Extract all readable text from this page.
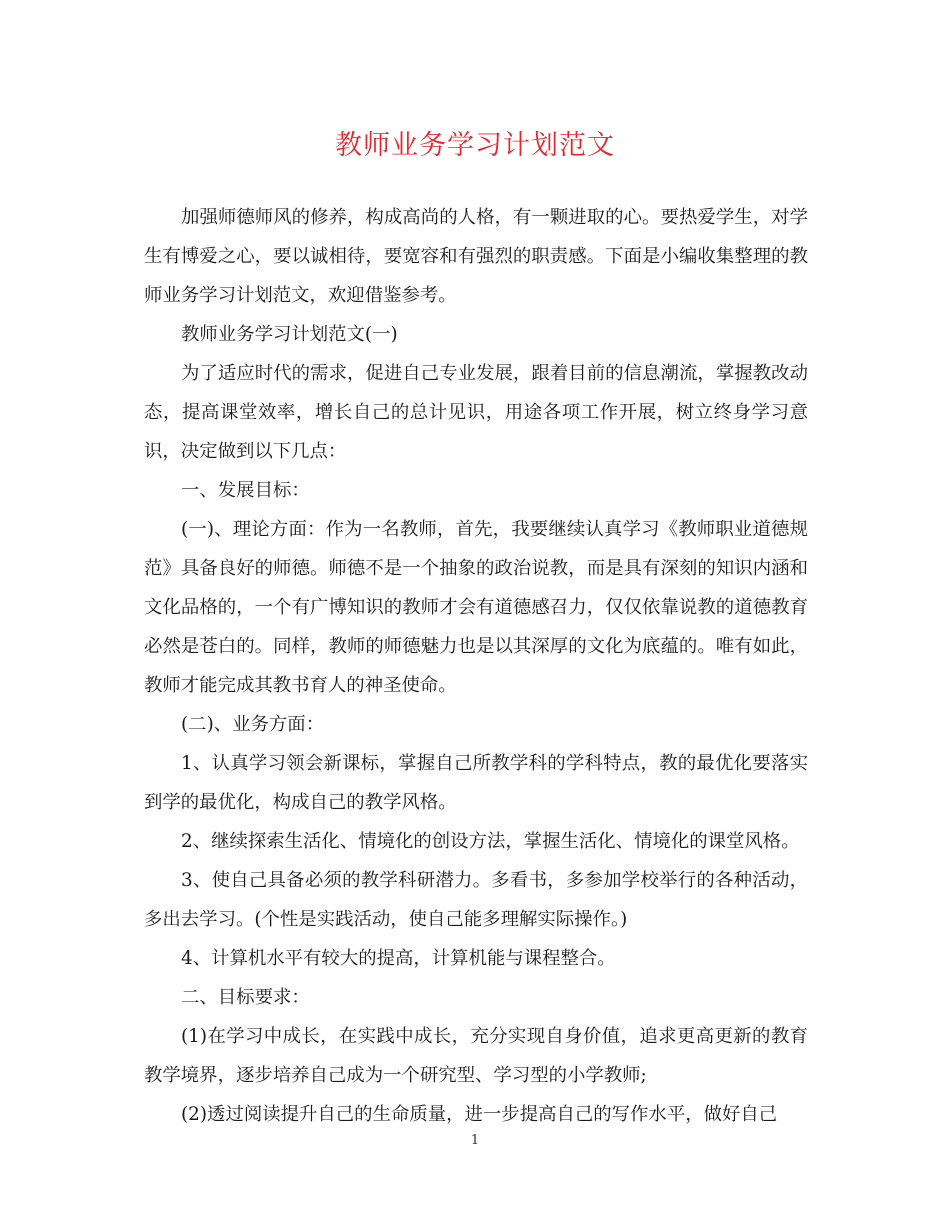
教师业务学习计划范文

加强师德师风的修养，构成高尚的人格，有一颗进取的心。要热爱学生，对学生有博爱之心，要以诚相待，要宽容和有强烈的职责感。下面是小编收集整理的教师业务学习计划范文，欢迎借鉴参考。

教师业务学习计划范文(一)

为了适应时代的需求，促进自己专业发展，跟着目前的信息潮流，掌握教改动态，提高课堂效率，增长自己的总计见识，用途各项工作开展，树立终身学习意识，决定做到以下几点：

一、发展目标：

(一)、理论方面：作为一名教师，首先，我要继续认真学习《教师职业道德规范》具备良好的师德。师德不是一个抽象的政治说教，而是具有深刻的知识内涵和文化品格的，一个有广博知识的教师才会有道德感召力，仅仅依靠说教的道德教育必然是苍白的。同样，教师的师德魅力也是以其深厚的文化为底蕴的。唯有如此，教师才能完成其教书育人的神圣使命。

(二)、业务方面：

1、认真学习领会新课标，掌握自己所教学科的学科特点，教的最优化要落实到学的最优化，构成自己的教学风格。

2、继续探索生活化、情境化的创设方法，掌握生活化、情境化的课堂风格。

3、使自己具备必须的教学科研潜力。多看书，多参加学校举行的各种活动，多出去学习。(个性是实践活动，使自己能多理解实际操作。)

4、计算机水平有较大的提高，计算机能与课程整合。

二、目标要求：

(1)在学习中成长，在实践中成长，充分实现自身价值，追求更高更新的教育教学境界，逐步培养自己成为一个研究型、学习型的小学教师;

(2)透过阅读提升自己的生命质量，进一步提高自己的写作水平，做好自己

1
